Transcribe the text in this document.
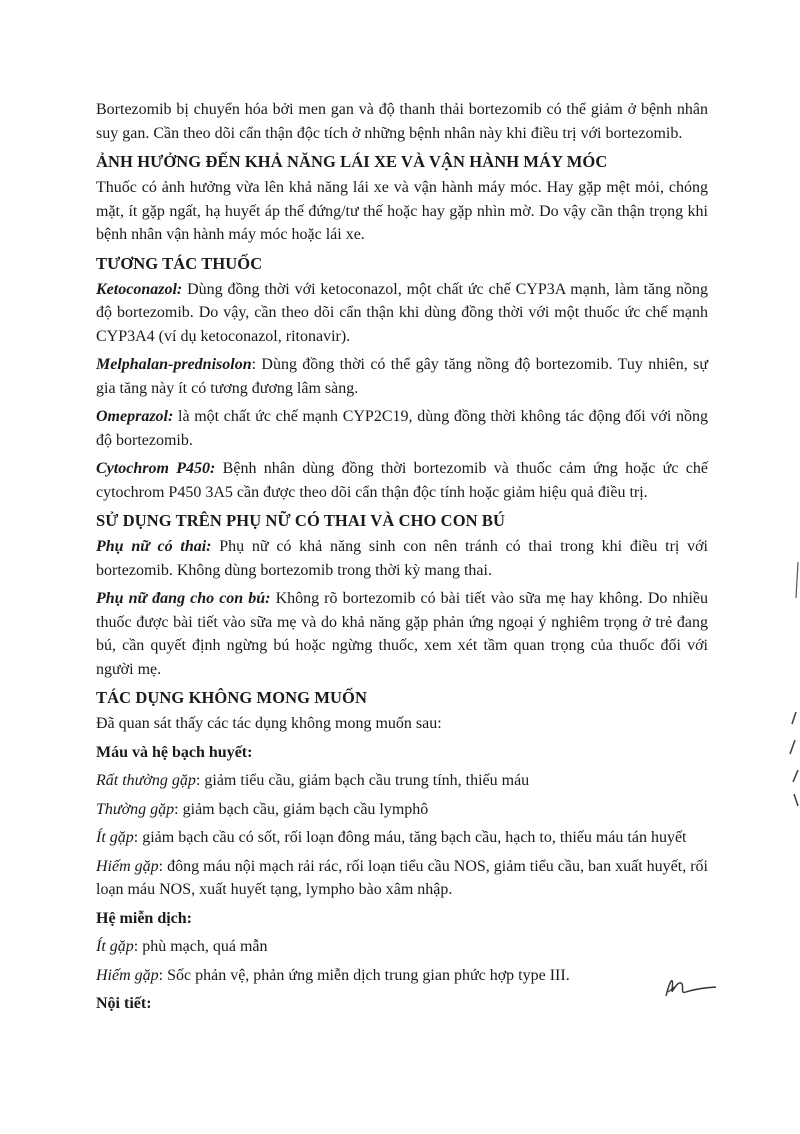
Bortezomib bị chuyển hóa bởi men gan và độ thanh thải bortezomib có thể giảm ở bệnh nhân suy gan. Cần theo dõi cẩn thận độc tích ở những bệnh nhân này khi điều trị với bortezomib.

ẢNH HƯỞNG ĐẾN KHẢ NĂNG LÁI XE VÀ VẬN HÀNH MÁY MÓC

Thuốc có ảnh hưởng vừa lên khả năng lái xe và vận hành máy móc. Hay gặp mệt mỏi, chóng mặt, ít gặp ngất, hạ huyết áp thế đứng/tư thế hoặc hay gặp nhìn mờ. Do vậy cần thận trọng khi bệnh nhân vận hành máy móc hoặc lái xe.

TƯƠNG TÁC THUỐC

Ketoconazol: Dùng đồng thời với ketoconazol, một chất ức chế CYP3A mạnh, làm tăng nồng độ bortezomib. Do vậy, cần theo dõi cẩn thận khi dùng đồng thời với một thuốc ức chế mạnh CYP3A4 (ví dụ ketoconazol, ritonavir).

Melphalan-prednisolon: Dùng đồng thời có thể gây tăng nồng độ bortezomib. Tuy nhiên, sự gia tăng này ít có tương đương lâm sàng.

Omeprazol: là một chất ức chế mạnh CYP2C19, dùng đồng thời không tác động đối với nồng độ bortezomib.

Cytochrom P450: Bệnh nhân dùng đồng thời bortezomib và thuốc cảm ứng hoặc ức chế cytochrom P450 3A5 cần được theo dõi cẩn thận độc tính hoặc giảm hiệu quả điều trị.

SỬ DỤNG TRÊN PHỤ NỮ CÓ THAI VÀ CHO CON BÚ

Phụ nữ có thai: Phụ nữ có khả năng sinh con nên tránh có thai trong khi điều trị với bortezomib. Không dùng bortezomib trong thời kỳ mang thai.

Phụ nữ đang cho con bú: Không rõ bortezomib có bài tiết vào sữa mẹ hay không. Do nhiều thuốc được bài tiết vào sữa mẹ và do khả năng gặp phản ứng ngoại ý nghiêm trọng ở trẻ đang bú, cần quyết định ngừng bú hoặc ngừng thuốc, xem xét tầm quan trọng của thuốc đối với người mẹ.

TÁC DỤNG KHÔNG MONG MUỐN

Đã quan sát thấy các tác dụng không mong muốn sau:

Máu và hệ bạch huyết:

Rất thường gặp: giảm tiểu cầu, giảm bạch cầu trung tính, thiếu máu

Thường gặp: giảm bạch cầu, giảm bạch cầu lymphô

Ít gặp: giảm bạch cầu có sốt, rối loạn đông máu, tăng bạch cầu, hạch to, thiếu máu tán huyết

Hiếm gặp: đông máu nội mạch rải rác, rối loạn tiểu cầu NOS, giảm tiểu cầu, ban xuất huyết, rối loạn máu NOS, xuất huyết tạng, lympho bào xâm nhập.

Hệ miễn dịch:

Ít gặp: phù mạch, quá mẫn

Hiếm gặp: Sốc phản vệ, phản ứng miễn dịch trung gian phức hợp type III.

Nội tiết:
